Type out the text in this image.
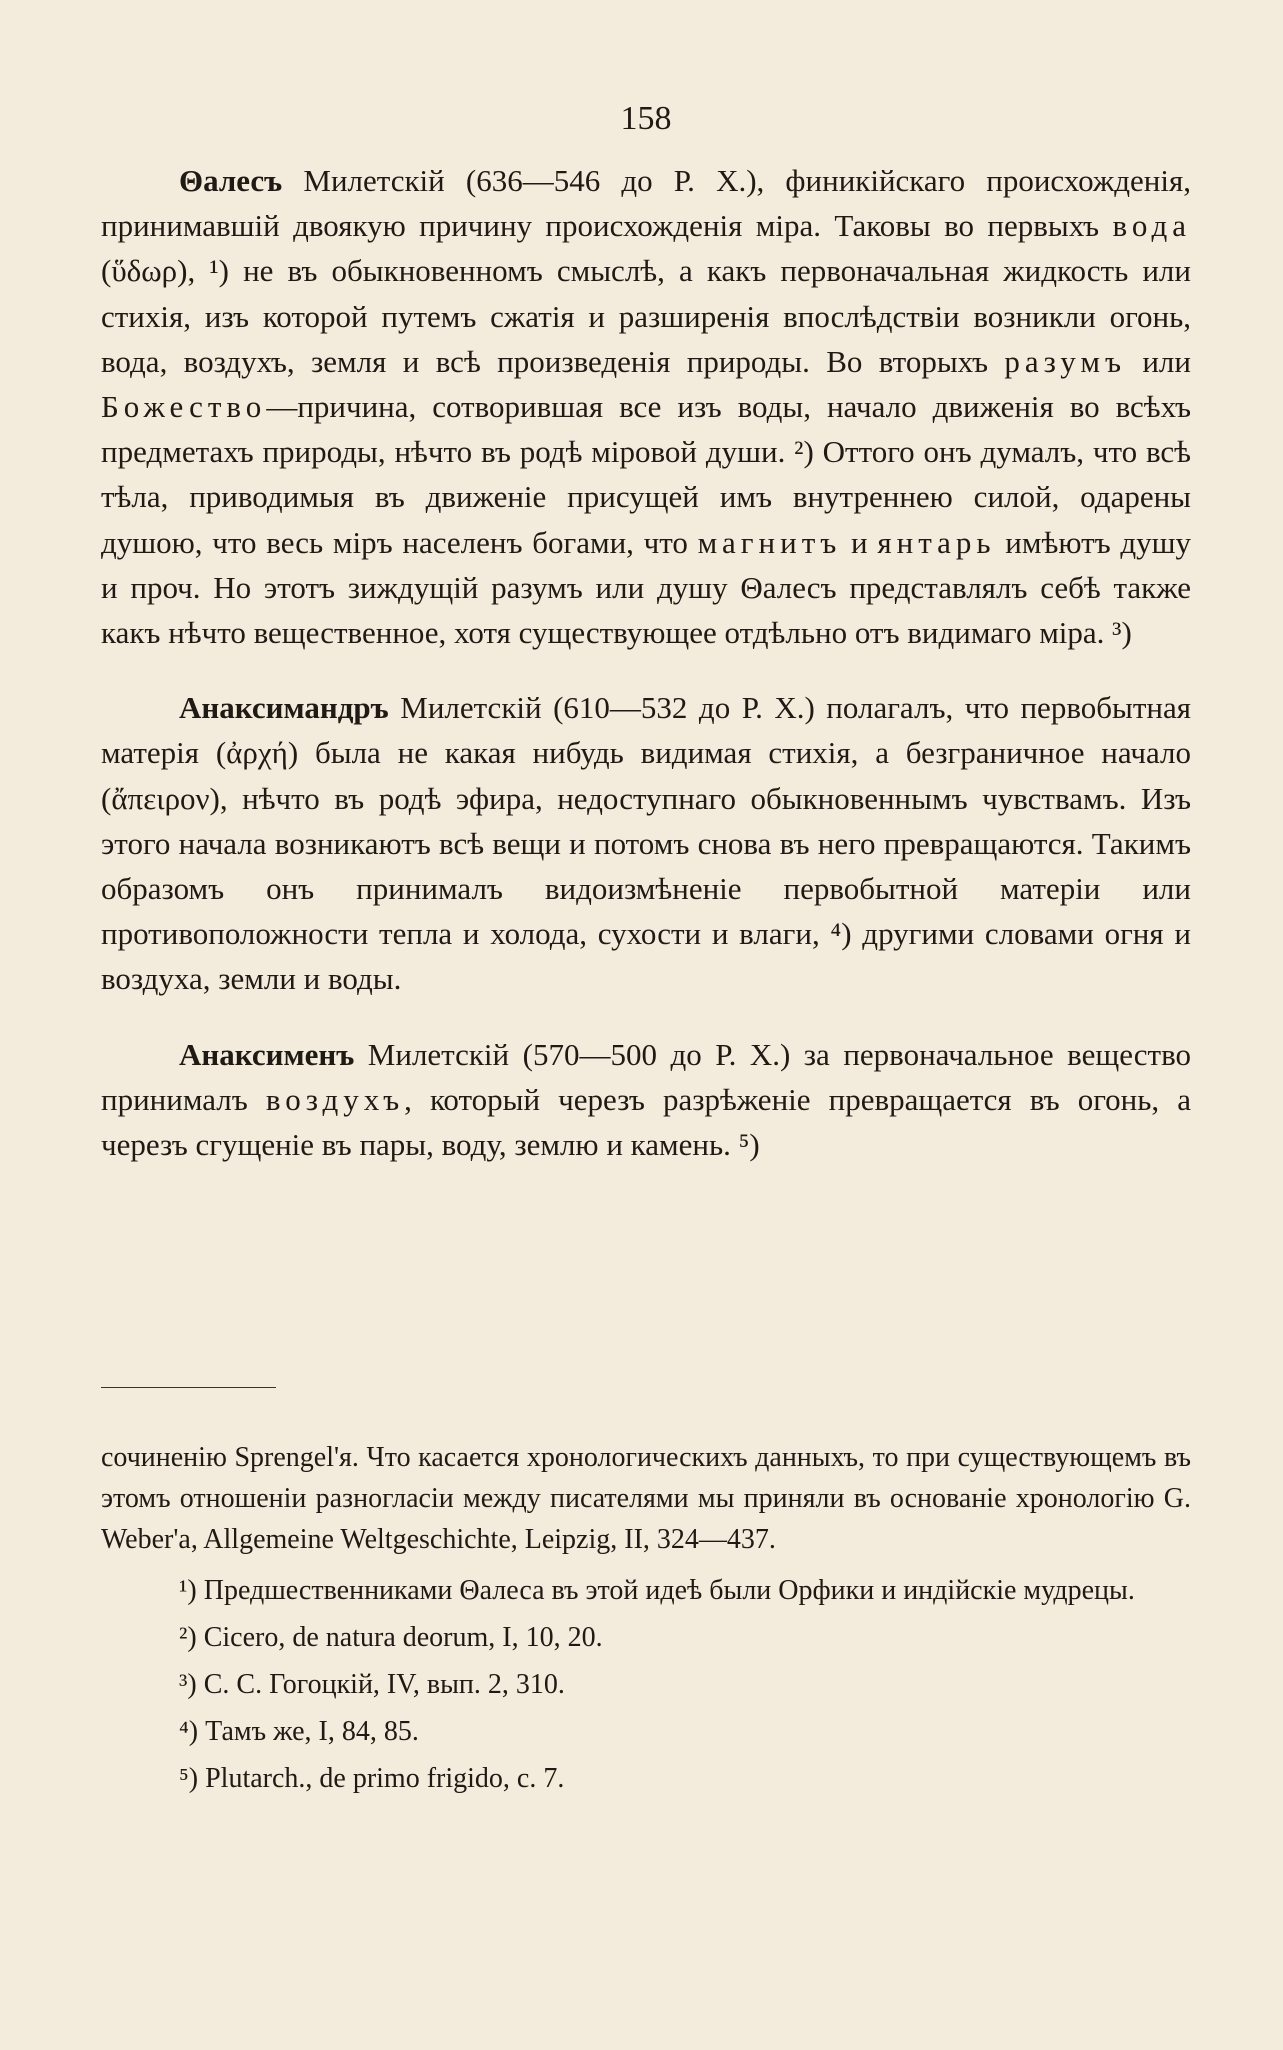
158

Θалесъ Милетскій (636—546 до Р. Х.), финикійскаго происхожденія, принимавшій двоякую причину происхожденія міра. Таковы во первыхъ вода (ὕδωρ), ¹) не въ обыкновенномъ смыслѣ, а какъ первоначальная жидкость или стихія, изъ которой путемъ сжатія и разширенія впослѣдствіи возникли огонь, вода, воздухъ, земля и всѣ произведенія природы. Во вторыхъ разумъ или Божество—причина, сотворившая все изъ воды, начало движенія во всѣхъ предметахъ природы, нѣчто въ родѣ міровой души. ²) Оттого онъ думалъ, что всѣ тѣла, приводимыя въ движеніе присущей имъ внутреннею силой, одарены душою, что весь міръ населенъ богами, что магнитъ и янтарь имѣютъ душу и проч. Но этотъ зиждущій разумъ или душу Θалесъ представлялъ себѣ также какъ нѣчто вещественное, хотя существующее отдѣльно отъ видимаго міра. ³)

Анаксимандръ Милетскій (610—532 до Р. Х.) полагалъ, что первобытная матерія (ἀρχή) была не какая нибудь видимая стихія, а безграничное начало (ἄπειρον), нѣчто въ родѣ эфира, недоступнаго обыкновеннымъ чувствамъ. Изъ этого начала возникаютъ всѣ вещи и потомъ снова въ него превращаются. Такимъ образомъ онъ принималъ видоизмѣненіе первобытной матеріи или противоположности тепла и холода, сухости и влаги, ⁴) другими словами огня и воздуха, земли и воды.

Анаксименъ Милетскій (570—500 до Р. Х.) за первоначальное вещество принималъ воздухъ, который черезъ разрѣженіе превращается въ огонь, а черезъ сгущеніе въ пары, воду, землю и камень. ⁵)

сочиненію Sprengel'я. Что касается хронологическихъ данныхъ, то при существующемъ въ этомъ отношеніи разногласіи между писателями мы приняли въ основаніе хронологію G. Weber'a, Allgemeine Weltgeschichte, Leipzig, II, 324—437.

¹) Предшественниками Θалеса въ этой идеѣ были Орфики и индійскіе мудрецы.
²) Cicero, de natura deorum, I, 10, 20.
³) С. С. Гогоцкій, IV, вып. 2, 310.
⁴) Тамъ же, I, 84, 85.
⁵) Plutarch., de primo frigido, c. 7.
